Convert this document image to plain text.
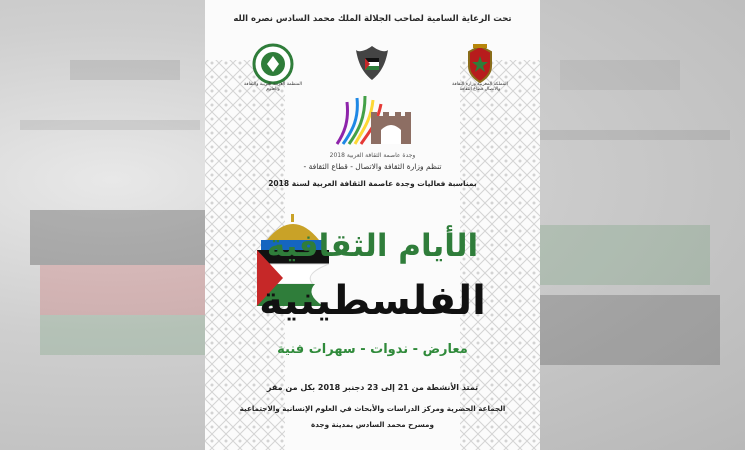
تحت الرعاية السامية لصاحب الجلالة الملك محمد السادس نصره الله
المنظمة العربية للتربية والثقافة والعلوم
المملكة المغربية وزارة الثقافة والاتصال قطاع الثقافة
وجدة عاصمة الثقافة العربية 2018
تنظم وزارة الثقافة والاتصال - قطاع الثقافة -
بمناسبة فعاليات وجدة عاصمة الثقافة العربية لسنة 2018
الأيام الثقافية
الفلسطينية
معارض - ندوات - سهرات فنية
تمتد الأنشطة من 21 إلى 23 دجنبر 2018 بكل من مقر
الجماعة الحضرية ومركز الدراسات والأبحاث في العلوم الإنسانية والاجتماعية
ومسرح محمد السادس بمدينة وجدة
